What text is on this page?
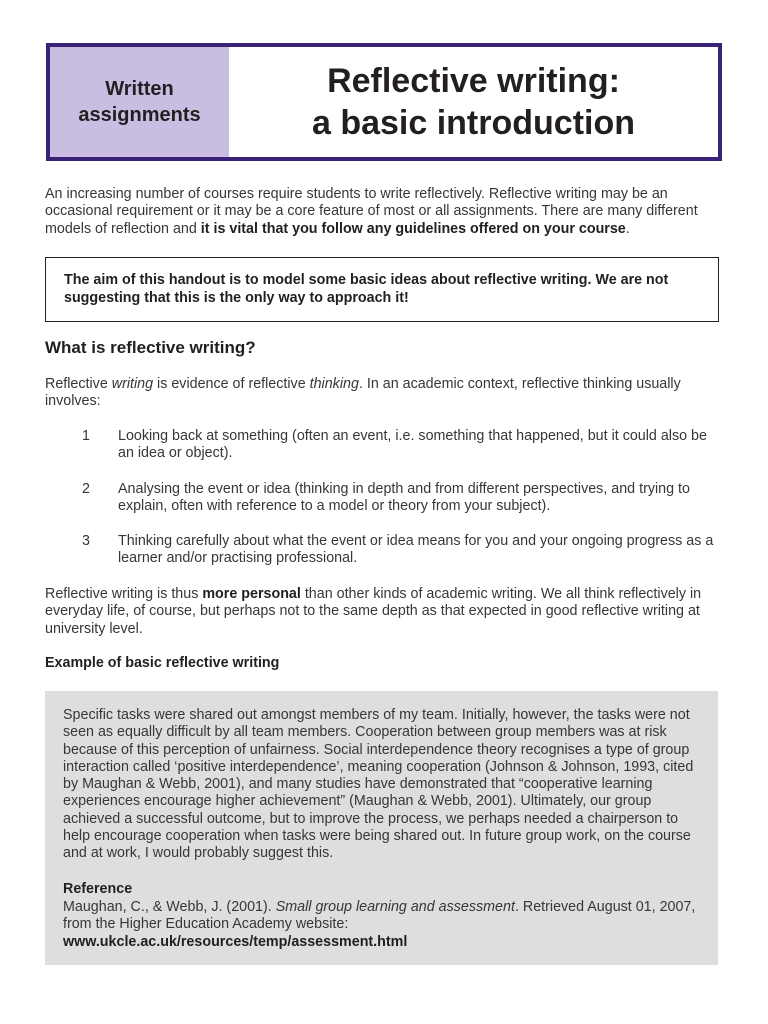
Written
assignments
Reflective writing:
a basic introduction
An increasing number of courses require students to write reflectively. Reflective writing may be an occasional requirement or it may be a core feature of most or all assignments. There are many different models of reflection and it is vital that you follow any guidelines offered on your course.
The aim of this handout is to model some basic ideas about reflective writing. We are not suggesting that this is the only way to approach it!
What is reflective writing?
Reflective writing is evidence of reflective thinking. In an academic context, reflective thinking usually involves:
1 Looking back at something (often an event, i.e. something that happened, but it could also be an idea or object).
2 Analysing the event or idea (thinking in depth and from different perspectives, and trying to explain, often with reference to a model or theory from your subject).
3 Thinking carefully about what the event or idea means for you and your ongoing progress as a learner and/or practising professional.
Reflective writing is thus more personal than other kinds of academic writing. We all think reflectively in everyday life, of course, but perhaps not to the same depth as that expected in good reflective writing at university level.
Example of basic reflective writing
Specific tasks were shared out amongst members of my team. Initially, however, the tasks were not seen as equally difficult by all team members. Cooperation between group members was at risk because of this perception of unfairness. Social interdependence theory recognises a type of group interaction called ‘positive interdependence’, meaning cooperation (Johnson & Johnson, 1993, cited by Maughan & Webb, 2001), and many studies have demonstrated that “cooperative learning experiences encourage higher achievement” (Maughan & Webb, 2001). Ultimately, our group achieved a successful outcome, but to improve the process, we perhaps needed a chairperson to help encourage cooperation when tasks were being shared out. In future group work, on the course and at work, I would probably suggest this.
Reference
Maughan, C., & Webb, J. (2001). Small group learning and assessment. Retrieved August 01, 2007, from the Higher Education Academy website:
www.ukcle.ac.uk/resources/temp/assessment.html
